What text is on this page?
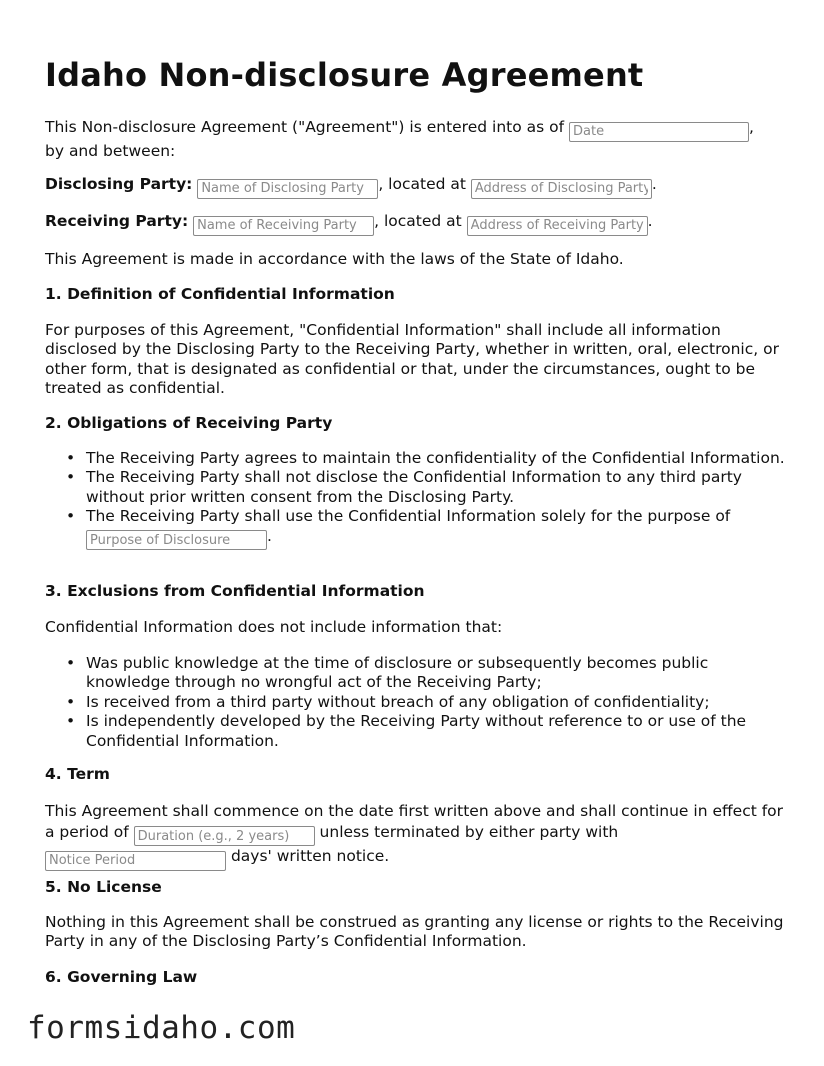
Idaho Non-disclosure Agreement
This Non-disclosure Agreement ("Agreement") is entered into as of Date	,
by and between:
Disclosing Party: Name of Disclosing Party	, located at Address of Disclosing Party	.
Receiving Party: Name of Receiving Party	, located at Address of Receiving Party	.
This Agreement is made in accordance with the laws of the State of Idaho.
1. Definition of Confidential Information
For purposes of this Agreement, "Confidential Information" shall include all information disclosed by the Disclosing Party to the Receiving Party, whether in written, oral, electronic, or other form, that is designated as confidential or that, under the circumstances, ought to be treated as confidential.
2. Obligations of Receiving Party
• The Receiving Party agrees to maintain the confidentiality of the Confidential Information.
• The Receiving Party shall not disclose the Confidential Information to any third party without prior written consent from the Disclosing Party.
• The Receiving Party shall use the Confidential Information solely for the purpose of
Purpose of Disclosure.
3. Exclusions from Confidential Information
Confidential Information does not include information that:
• Was public knowledge at the time of disclosure or subsequently becomes public knowledge through no wrongful act of the Receiving Party;
• Is received from a third party without breach of any obligation of confidentiality;
• Is independently developed by the Receiving Party without reference to or use of the Confidential Information.
4. Term
This Agreement shall commence on the date first written above and shall continue in effect for a period of Duration (e.g., 2 years)	unless terminated by either party with
Notice Period days' written notice.
5. No License
Nothing in this Agreement shall be construed as granting any license or rights to the Receiving Party in any of the Disclosing Party’s Confidential Information.
6. Governing Law
formsidaho.com
